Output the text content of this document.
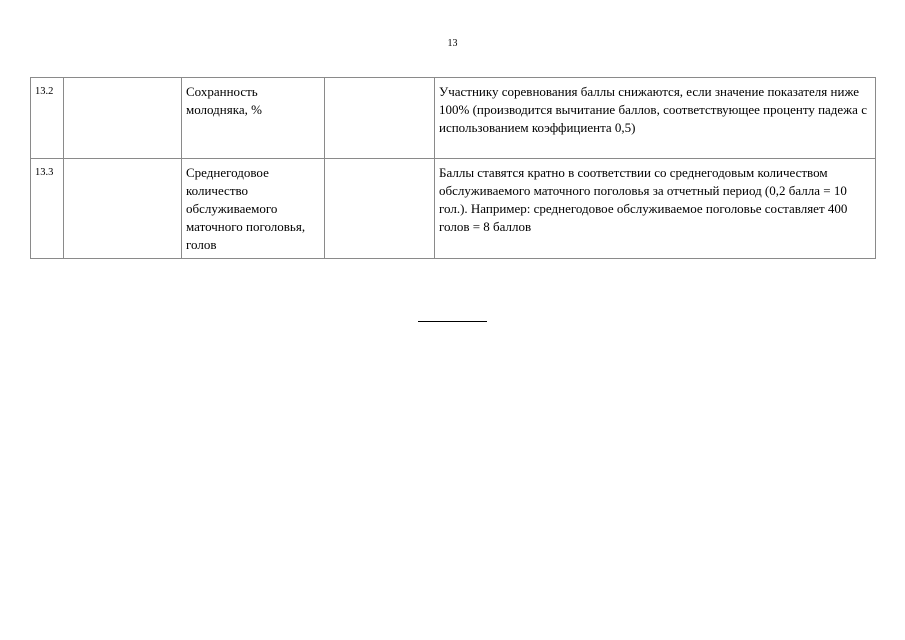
13
13.2		Сохранность молодняка, %		Участнику соревнования баллы снижаются, если значение показателя ниже 100% (производится вычитание баллов, соответствующее проценту падежа с использованием коэффициента 0,5)
13.3		Среднегодовое количество обслуживаемого маточного поголовья, голов		Баллы ставятся кратно в соответствии со среднегодовым количеством обслуживаемого маточного поголовья за отчетный период (0,2 балла = 10 гол.). Например: среднегодовое обслуживаемое поголовье составляет 400 голов = 8 баллов
